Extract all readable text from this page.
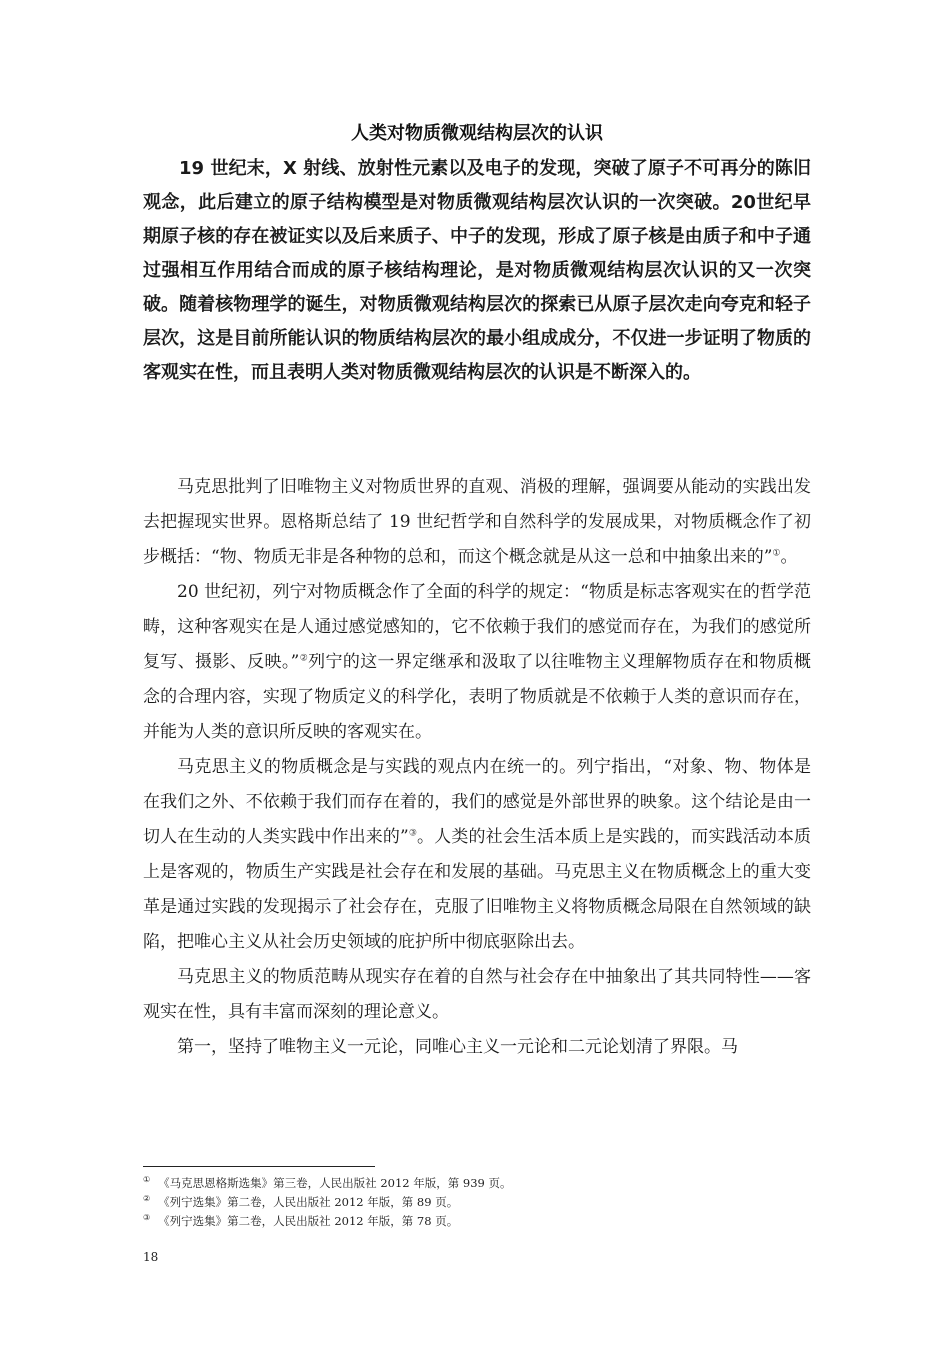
人类对物质微观结构层次的认识
19 世纪末，X 射线、放射性元素以及电子的发现，突破了原子不可再分的陈旧观念，此后建立的原子结构模型是对物质微观结构层次认识的一次突破。20世纪早期原子核的存在被证实以及后来质子、中子的发现，形成了原子核是由质子和中子通过强相互作用结合而成的原子核结构理论，是对物质微观结构层次认识的又一次突破。随着核物理学的诞生，对物质微观结构层次的探索已从原子层次走向夸克和轻子层次，这是目前所能认识的物质结构层次的最小组成成分，不仅进一步证明了物质的客观实在性，而且表明人类对物质微观结构层次的认识是不断深入的。

马克思批判了旧唯物主义对物质世界的直观、消极的理解，强调要从能动的实践出发去把握现实世界。恩格斯总结了 19 世纪哲学和自然科学的发展成果，对物质概念作了初步概括：“物、物质无非是各种物的总和，而这个概念就是从这一总和中抽象出来的”①。

20 世纪初，列宁对物质概念作了全面的科学的规定：“物质是标志客观实在的哲学范畴，这种客观实在是人通过感觉感知的，它不依赖于我们的感觉而存在，为我们的感觉所复写、摄影、反映。”②列宁的这一界定继承和汲取了以往唯物主义理解物质存在和物质概念的合理内容，实现了物质定义的科学化，表明了物质就是不依赖于人类的意识而存在，并能为人类的意识所反映的客观实在。

马克思主义的物质概念是与实践的观点内在统一的。列宁指出，“对象、物、物体是在我们之外、不依赖于我们而存在着的，我们的感觉是外部世界的映象。这个结论是由一切人在生动的人类实践中作出来的”③。人类的社会生活本质上是实践的，而实践活动本质上是客观的，物质生产实践是社会存在和发展的基础。马克思主义在物质概念上的重大变革是通过实践的发现揭示了社会存在，克服了旧唯物主义将物质概念局限在自然领域的缺陷，把唯心主义从社会历史领域的庇护所中彻底驱除出去。

马克思主义的物质范畴从现实存在着的自然与社会存在中抽象出了其共同特性——客观实在性，具有丰富而深刻的理论意义。

第一，坚持了唯物主义一元论，同唯心主义一元论和二元论划清了界限。马

① 《马克思恩格斯选集》第三卷，人民出版社 2012 年版，第 939 页。
② 《列宁选集》第二卷，人民出版社 2012 年版，第 89 页。
③ 《列宁选集》第二卷，人民出版社 2012 年版，第 78 页。
18
